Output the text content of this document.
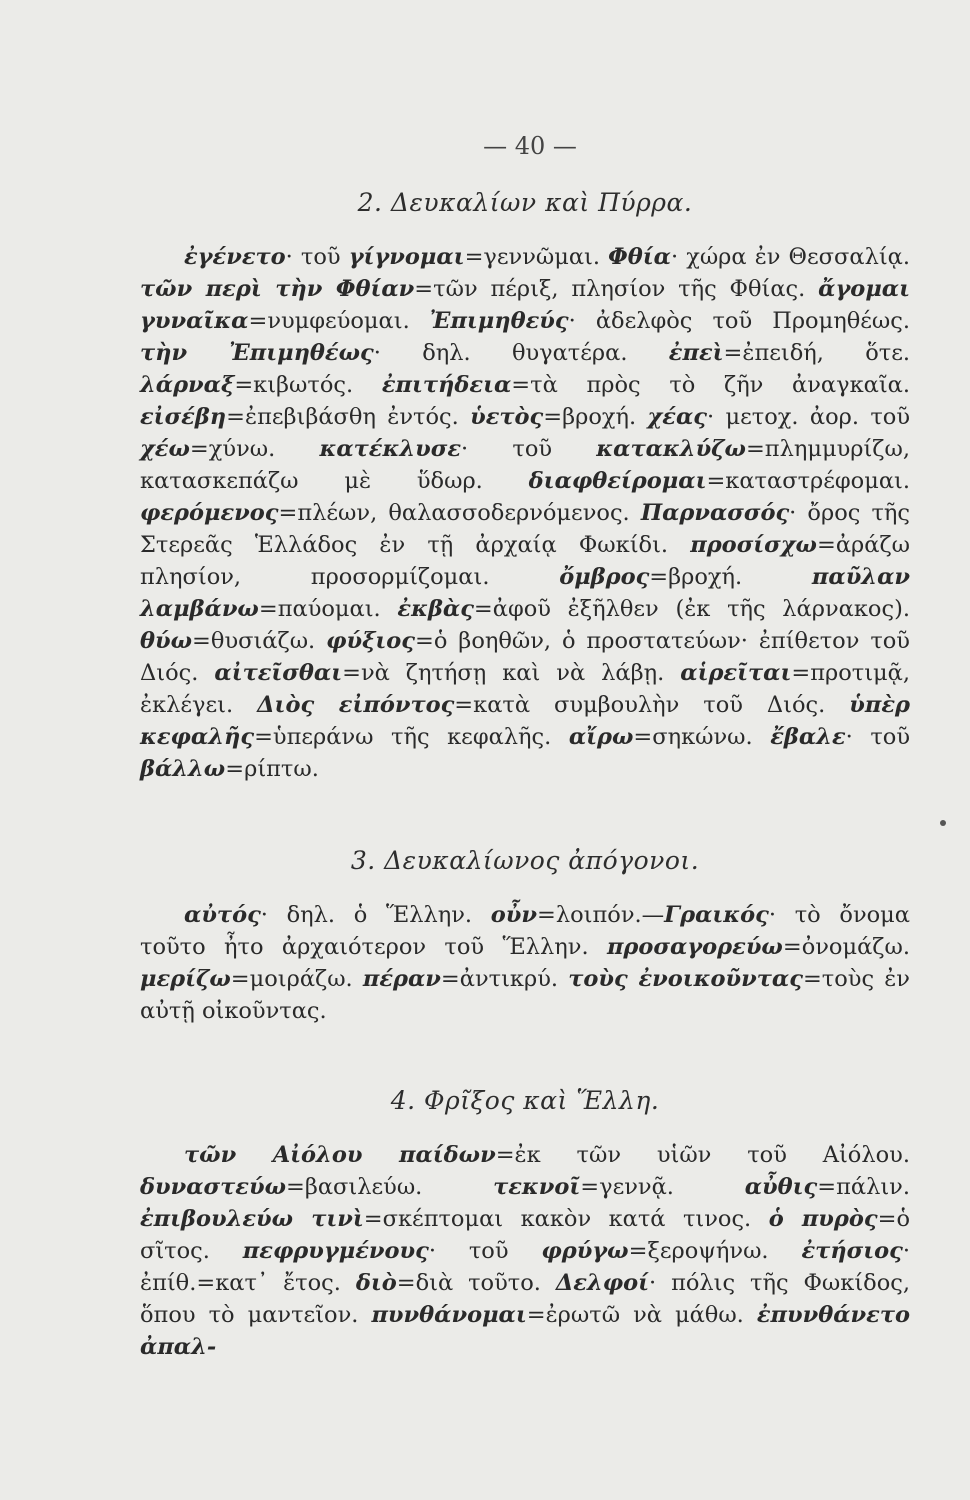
— 40 —
2. Δευκαλίων καὶ Πύρρα.

ἐγένετο· τοῦ γίγνομαι=γεννῶμαι. Φθία· χώρα ἐν Θεσσαλίᾳ. τῶν περὶ τὴν Φθίαν=τῶν πέριξ, πλησίον τῆς Φθίας. ἄγομαι γυναῖκα=νυμφεύομαι. Ἐπιμηθεύς· ἀδελφὸς τοῦ Προμηθέως. τὴν Ἐπιμηθέως· δηλ. θυγατέρα. ἐπεὶ=ἐπειδή, ὅτε. λάρναξ=κιβωτός. ἐπιτήδεια=τὰ πρὸς τὸ ζῆν ἀναγκαῖα. εἰσέβη=ἐπεβιβάσθη ἐντός. ὑετὸς=βροχή. χέας· μετοχ. ἀορ. τοῦ χέω=χύνω. κατέκλυσε· τοῦ κατακλύζω=πλημμυρίζω, κατασκεπάζω μὲ ὕδωρ. διαφθείρομαι=καταστρέφομαι. φερόμενος=πλέων, θαλασσοδερνόμενος. Παρνασσός· ὄρος τῆς Στερεᾶς Ἑλλάδος ἐν τῇ ἀρχαίᾳ Φωκίδι. προσίσχω=ἀράζω πλησίον, προσορμίζομαι. ὄμβρος=βροχή. παῦλαν λαμβάνω=παύομαι. ἐκβὰς=ἀφοῦ ἐξῆλθεν (ἐκ τῆς λάρνακος). θύω=θυσιάζω. φύξιος=ὁ βοηθῶν, ὁ προστατεύων· ἐπίθετον τοῦ Διός. αἰτεῖσθαι=νὰ ζητήσῃ καὶ νὰ λάβῃ. αἱρεῖται=προτιμᾷ, ἐκλέγει. Διὸς εἰπόντος=κατὰ συμβουλὴν τοῦ Διός. ὑπὲρ κεφαλῆς=ὑπεράνω τῆς κεφαλῆς. αἴρω=σηκώνω. ἔβαλε· τοῦ βάλλω=ρίπτω.

3. Δευκαλίωνος ἀπόγονοι.

αὐτός· δηλ. ὁ Ἕλλην. οὖν=λοιπόν.—Γραικός· τὸ ὄνομα τοῦτο ἦτο ἀρχαιότερον τοῦ Ἕλλην. προσαγορεύω=ὀνομάζω. μερίζω=μοιράζω. πέραν=ἀντικρύ. τοὺς ἐνοικοῦντας=τοὺς ἐν αὐτῇ οἰκοῦντας.

4. Φρῖξος καὶ Ἕλλη.

τῶν Αἰόλου παίδων=ἐκ τῶν υἱῶν τοῦ Αἰόλου. δυναστεύω=βασιλεύω. τεκνοῖ=γεννᾷ. αὖθις=πάλιν. ἐπιβουλεύω τινὶ=σκέπτομαι κακὸν κατά τινος. ὁ πυρὸς=ὁ σῖτος. πεφρυγμένους· τοῦ φρύγω=ξεροψήνω. ἐτήσιος· ἐπίθ.=κατ᾽ ἔτος. διὸ=διὰ τοῦτο. Δελφοί· πόλις τῆς Φωκίδος, ὅπου τὸ μαντεῖον. πυνθάνομαι=ἐρωτῶ νὰ μάθω. ἐπυνθάνετο ἀπαλ-
